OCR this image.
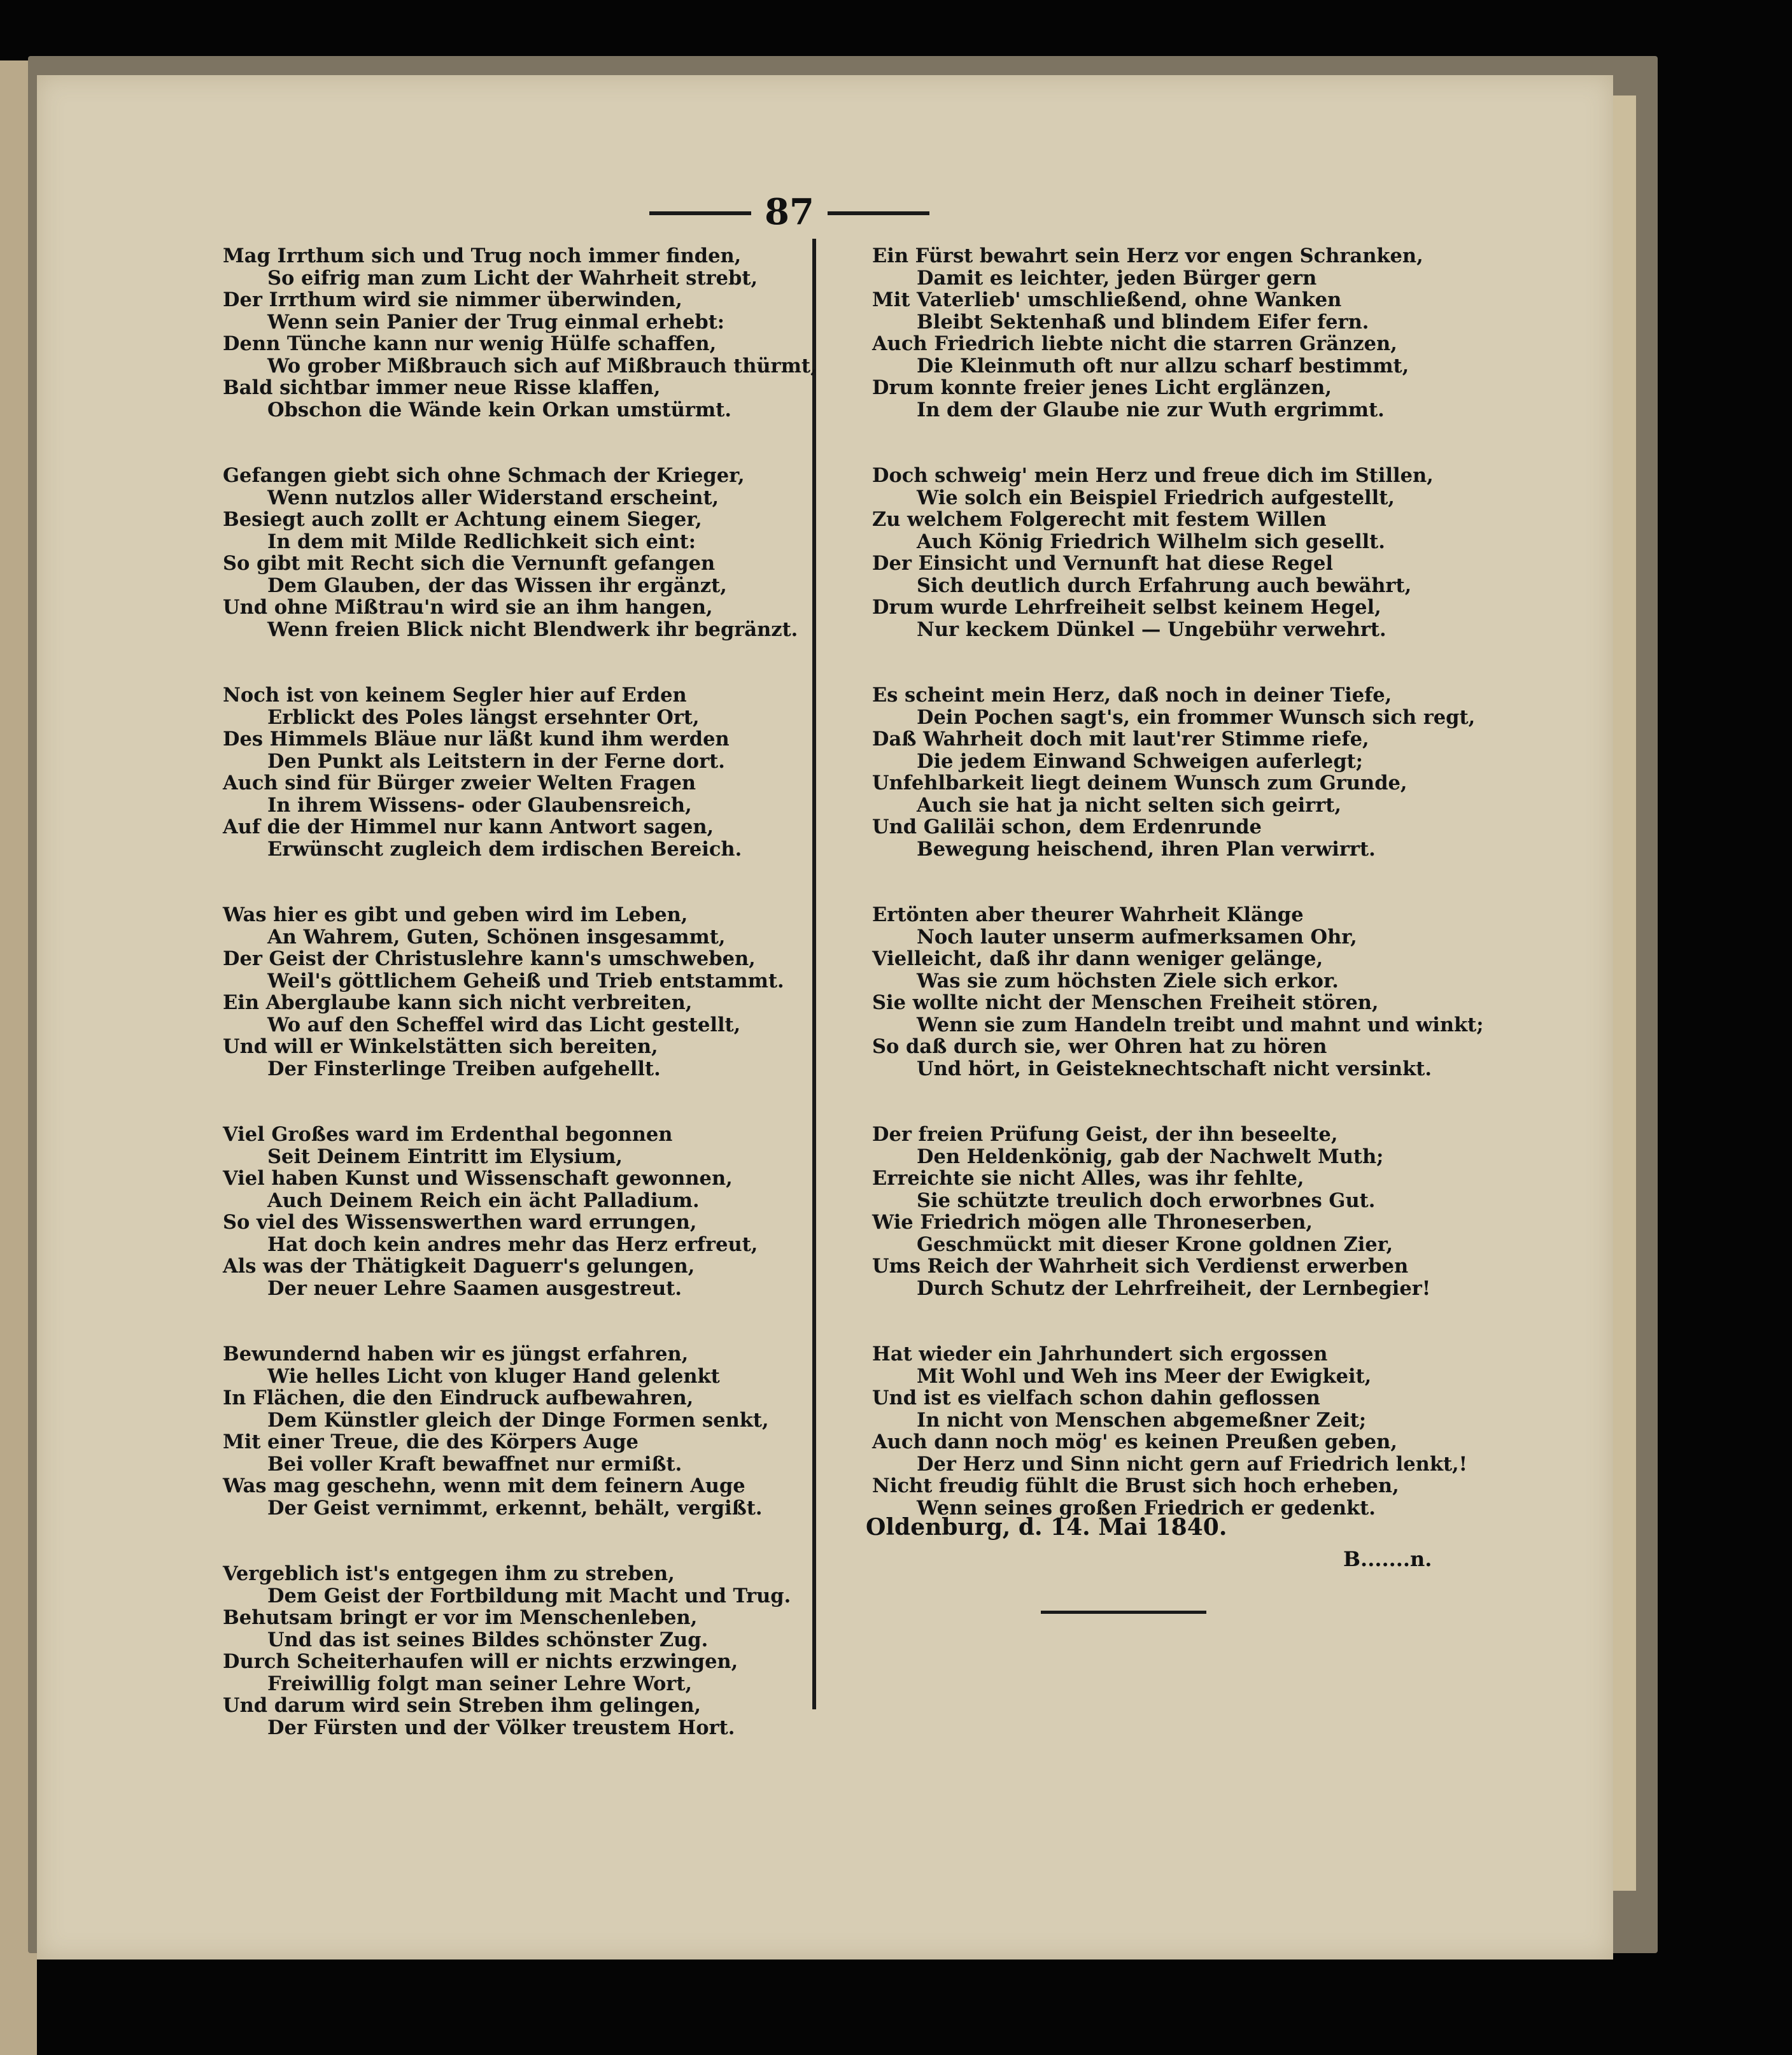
87
Mag Irrthum sich und Trug noch immer finden,
So eifrig man zum Licht der Wahrheit strebt,
Der Irrthum wird sie nimmer überwinden,
Wenn sein Panier der Trug einmal erhebt:
Denn Tünche kann nur wenig Hülfe schaffen,
Wo grober Mißbrauch sich auf Mißbrauch thürmt,
Bald sichtbar immer neue Risse klaffen,
Obschon die Wände kein Orkan umstürmt.
Gefangen giebt sich ohne Schmach der Krieger,
Wenn nutzlos aller Widerstand erscheint,
Besiegt auch zollt er Achtung einem Sieger,
In dem mit Milde Redlichkeit sich eint:
So gibt mit Recht sich die Vernunft gefangen
Dem Glauben, der das Wissen ihr ergänzt,
Und ohne Mißtrau'n wird sie an ihm hangen,
Wenn freien Blick nicht Blendwerk ihr begränzt.
Noch ist von keinem Segler hier auf Erden
Erblickt des Poles längst ersehnter Ort,
Des Himmels Bläue nur läßt kund ihm werden
Den Punkt als Leitstern in der Ferne dort.
Auch sind für Bürger zweier Welten Fragen
In ihrem Wissens- oder Glaubensreich,
Auf die der Himmel nur kann Antwort sagen,
Erwünscht zugleich dem irdischen Bereich.
Was hier es gibt und geben wird im Leben,
An Wahrem, Guten, Schönen insgesammt,
Der Geist der Christuslehre kann's umschweben,
Weil's göttlichem Geheiß und Trieb entstammt.
Ein Aberglaube kann sich nicht verbreiten,
Wo auf den Scheffel wird das Licht gestellt,
Und will er Winkelstätten sich bereiten,
Der Finsterlinge Treiben aufgehellt.
Viel Großes ward im Erdenthal begonnen
Seit Deinem Eintritt im Elysium,
Viel haben Kunst und Wissenschaft gewonnen,
Auch Deinem Reich ein ächt Palladium.
So viel des Wissenswerthen ward errungen,
Hat doch kein andres mehr das Herz erfreut,
Als was der Thätigkeit Daguerr's gelungen,
Der neuer Lehre Saamen ausgestreut.
Bewundernd haben wir es jüngst erfahren,
Wie helles Licht von kluger Hand gelenkt
In Flächen, die den Eindruck aufbewahren,
Dem Künstler gleich der Dinge Formen senkt,
Mit einer Treue, die des Körpers Auge
Bei voller Kraft bewaffnet nur ermißt.
Was mag geschehn, wenn mit dem feinern Auge
Der Geist vernimmt, erkennt, behält, vergißt.
Vergeblich ist's entgegen ihm zu streben,
Dem Geist der Fortbildung mit Macht und Trug.
Behutsam bringt er vor im Menschenleben,
Und das ist seines Bildes schönster Zug.
Durch Scheiterhaufen will er nichts erzwingen,
Freiwillig folgt man seiner Lehre Wort,
Und darum wird sein Streben ihm gelingen,
Der Fürsten und der Völker treustem Hort.
Ein Fürst bewahrt sein Herz vor engen Schranken,
Damit es leichter, jeden Bürger gern
Mit Vaterlieb' umschließend, ohne Wanken
Bleibt Sektenhaß und blindem Eifer fern.
Auch Friedrich liebte nicht die starren Gränzen,
Die Kleinmuth oft nur allzu scharf bestimmt,
Drum konnte freier jenes Licht erglänzen,
In dem der Glaube nie zur Wuth ergrimmt.
Doch schweig' mein Herz und freue dich im Stillen,
Wie solch ein Beispiel Friedrich aufgestellt,
Zu welchem Folgerecht mit festem Willen
Auch König Friedrich Wilhelm sich gesellt.
Der Einsicht und Vernunft hat diese Regel
Sich deutlich durch Erfahrung auch bewährt,
Drum wurde Lehrfreiheit selbst keinem Hegel,
Nur keckem Dünkel — Ungebühr verwehrt.
Es scheint mein Herz, daß noch in deiner Tiefe,
Dein Pochen sagt's, ein frommer Wunsch sich regt,
Daß Wahrheit doch mit laut'rer Stimme riefe,
Die jedem Einwand Schweigen auferlegt;
Unfehlbarkeit liegt deinem Wunsch zum Grunde,
Auch sie hat ja nicht selten sich geirrt,
Und Galiläi schon, dem Erdenrunde
Bewegung heischend, ihren Plan verwirrt.
Ertönten aber theurer Wahrheit Klänge
Noch lauter unserm aufmerksamen Ohr,
Vielleicht, daß ihr dann weniger gelänge,
Was sie zum höchsten Ziele sich erkor.
Sie wollte nicht der Menschen Freiheit stören,
Wenn sie zum Handeln treibt und mahnt und winkt;
So daß durch sie, wer Ohren hat zu hören
Und hört, in Geisteknechtschaft nicht versinkt.
Der freien Prüfung Geist, der ihn beseelte,
Den Heldenkönig, gab der Nachwelt Muth;
Erreichte sie nicht Alles, was ihr fehlte,
Sie schützte treulich doch erworbnes Gut.
Wie Friedrich mögen alle Throneserben,
Geschmückt mit dieser Krone goldnen Zier,
Ums Reich der Wahrheit sich Verdienst erwerben
Durch Schutz der Lehrfreiheit, der Lernbegier!
Hat wieder ein Jahrhundert sich ergossen
Mit Wohl und Weh ins Meer der Ewigkeit,
Und ist es vielfach schon dahin geflossen
In nicht von Menschen abgemeßner Zeit;
Auch dann noch mög' es keinen Preußen geben,
Der Herz und Sinn nicht gern auf Friedrich lenkt,!
Nicht freudig fühlt die Brust sich hoch erheben,
Wenn seines großen Friedrich er gedenkt.
Oldenburg, d. 14. Mai 1840.
B.......n.
